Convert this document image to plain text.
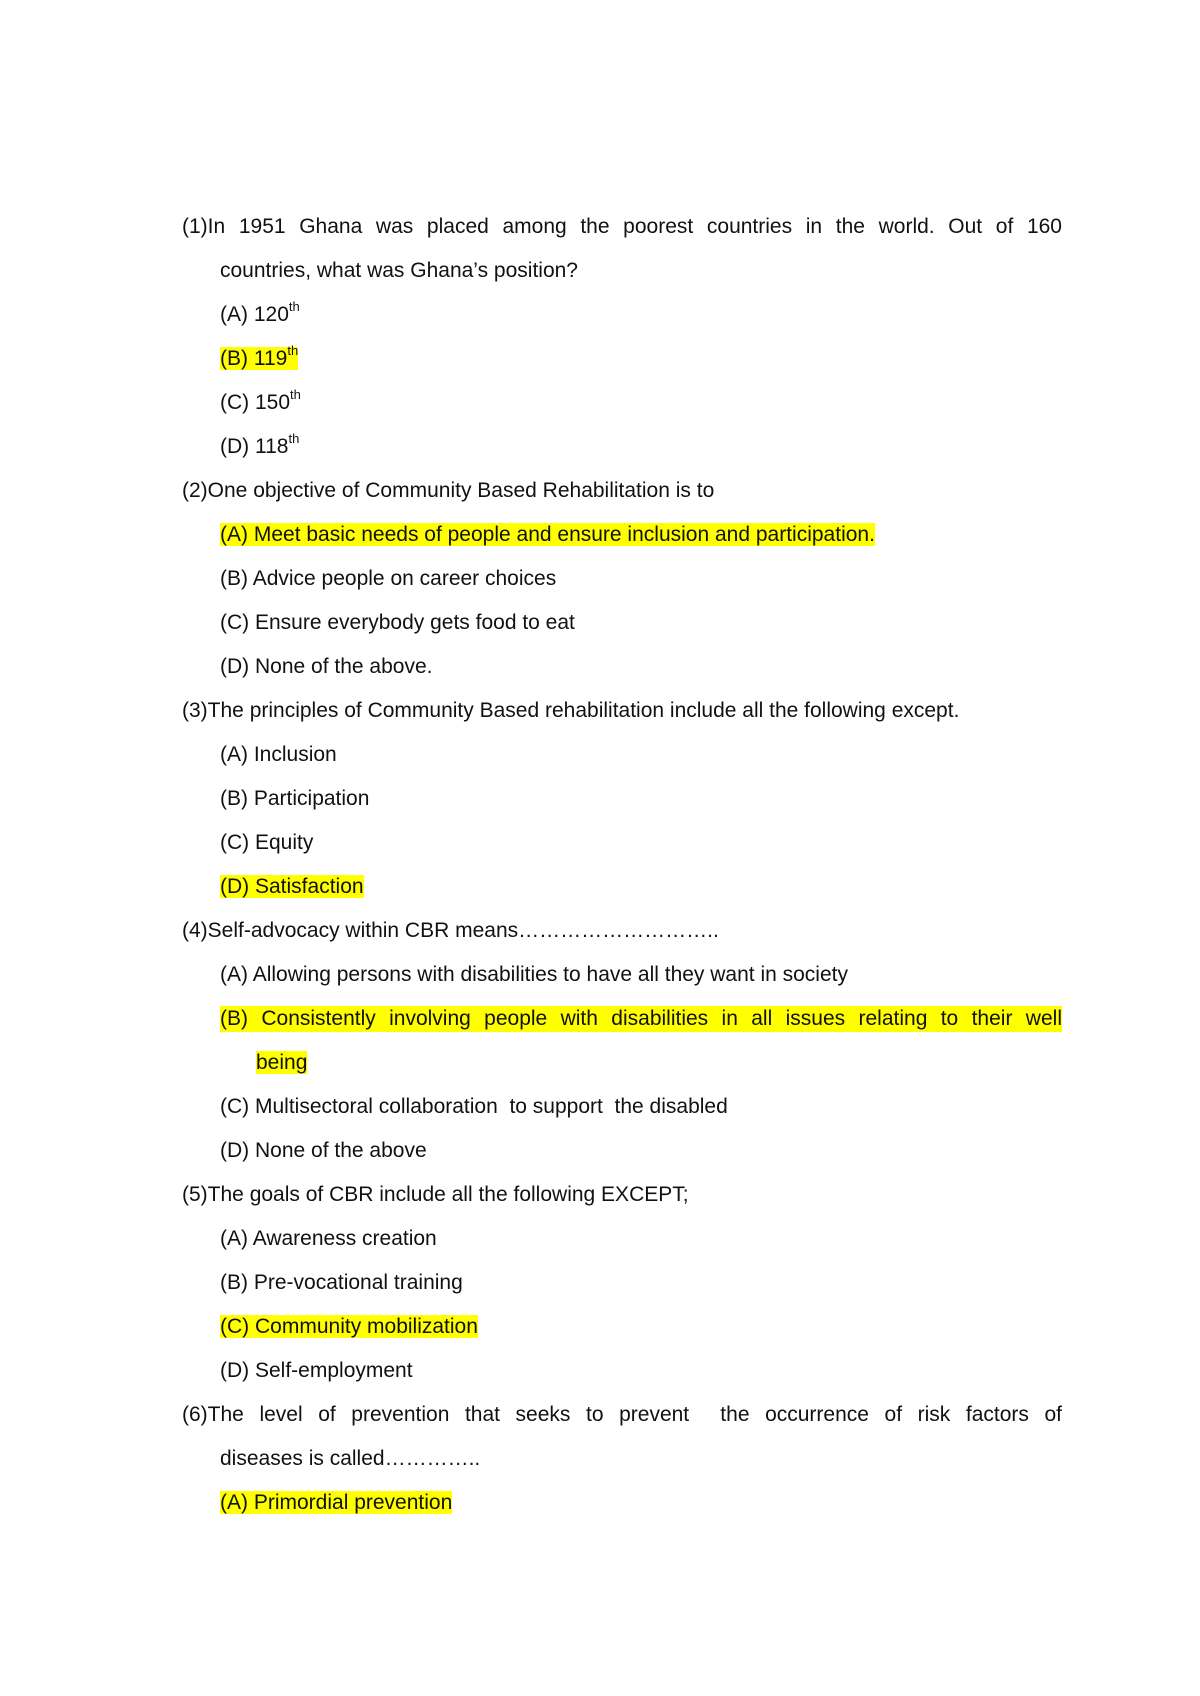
(1)In 1951 Ghana was placed among the poorest countries in the world. Out of 160
countries, what was Ghana’s position?
(A) 120th
(B) 119th
(C) 150th
(D) 118th
(2)One objective of Community Based Rehabilitation is to
(A) Meet basic needs of people and ensure inclusion and participation.
(B) Advice people on career choices
(C) Ensure everybody gets food to eat
(D) None of the above.
(3)The principles of Community Based rehabilitation include all the following except.
(A) Inclusion
(B) Participation
(C) Equity
(D) Satisfaction
(4)Self-advocacy within CBR means………………………..
(A) Allowing persons with disabilities to have all they want in society
(B) Consistently involving people with disabilities in all issues relating to their well
being
(C) Multisectoral collaboration  to support  the disabled
(D) None of the above
(5)The goals of CBR include all the following EXCEPT;
(A) Awareness creation
(B) Pre-vocational training
(C) Community mobilization
(D) Self-employment
(6)The level of prevention that seeks to prevent  the occurrence of risk factors of
diseases is called…………..
(A) Primordial prevention
